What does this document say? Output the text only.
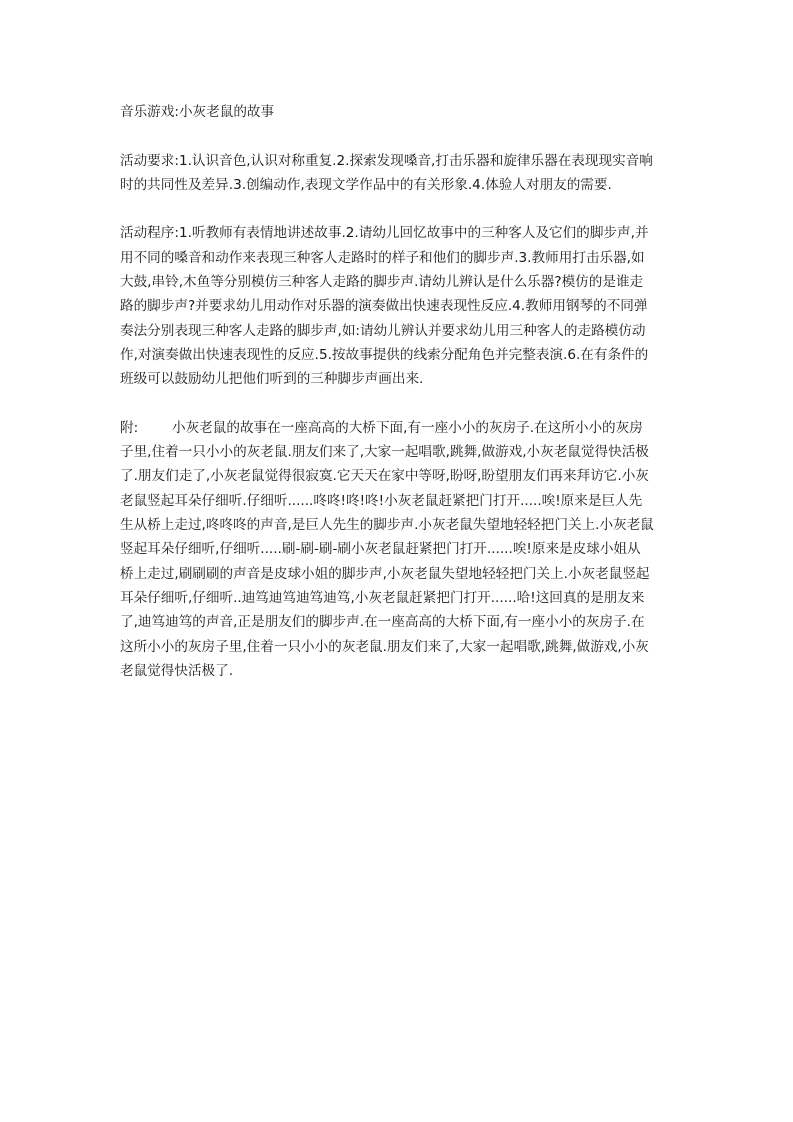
音乐游戏:小灰老鼠的故事
活动要求:1.认识音色,认识对称重复.2.探索发现嗓音,打击乐器和旋律乐器在表现现实音响
时的共同性及差异.3.创编动作,表现文学作品中的有关形象.4.体验人对朋友的需要.
活动程序:1.听教师有表情地讲述故事.2.请幼儿回忆故事中的三种客人及它们的脚步声,并
用不同的嗓音和动作来表现三种客人走路时的样子和他们的脚步声.3.教师用打击乐器,如
大鼓,串铃,木鱼等分别模仿三种客人走路的脚步声.请幼儿辨认是什么乐器?模仿的是谁走
路的脚步声?并要求幼儿用动作对乐器的演奏做出快速表现性反应.4.教师用钢琴的不同弹
奏法分别表现三种客人走路的脚步声,如:请幼儿辨认并要求幼儿用三种客人的走路模仿动
作,对演奏做出快速表现性的反应.5.按故事提供的线索分配角色并完整表演.6.在有条件的
班级可以鼓励幼儿把他们听到的三种脚步声画出来.
附: 小灰老鼠的故事在一座高高的大桥下面,有一座小小的灰房子.在这所小小的灰房
子里,住着一只小小的灰老鼠.朋友们来了,大家一起唱歌,跳舞,做游戏,小灰老鼠觉得快活极
了.朋友们走了,小灰老鼠觉得很寂寞.它天天在家中等呀,盼呀,盼望朋友们再来拜访它.小灰
老鼠竖起耳朵仔细听.仔细听......咚咚!咚!咚!小灰老鼠赶紧把门打开.....唉!原来是巨人先
生从桥上走过,咚咚咚的声音,是巨人先生的脚步声.小灰老鼠失望地轻轻把门关上.小灰老鼠
竖起耳朵仔细听,仔细听.....刷-刷-刷-刷小灰老鼠赶紧把门打开......唉!原来是皮球小姐从
桥上走过,刷刷刷的声音是皮球小姐的脚步声,小灰老鼠失望地轻轻把门关上.小灰老鼠竖起
耳朵仔细听,仔细听..迪笃迪笃迪笃迪笃,小灰老鼠赶紧把门打开......哈!这回真的是朋友来
了,迪笃迪笃的声音,正是朋友们的脚步声.在一座高高的大桥下面,有一座小小的灰房子.在
这所小小的灰房子里,住着一只小小的灰老鼠.朋友们来了,大家一起唱歌,跳舞,做游戏,小灰
老鼠觉得快活极了.
